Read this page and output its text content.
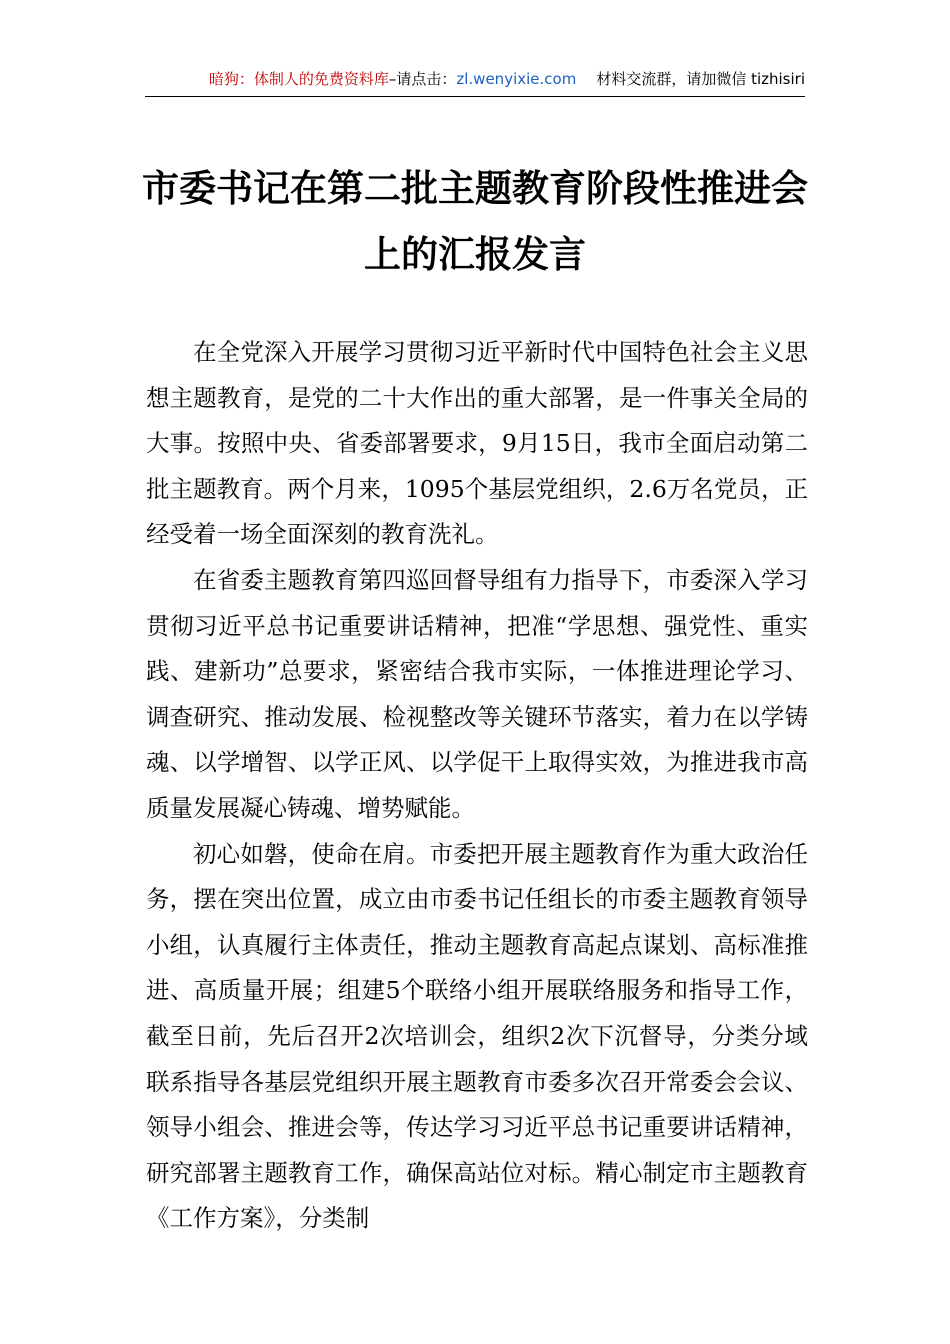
暗狗：体制人的免费资料库 –请点击： zl.wenyixie.com 材料交流群，请加微信 tizhisiri
市委书记在第二批主题教育阶段性推进会
上的汇报发言

在全党深入开展学习贯彻习近平新时代中国特色社会主义思想主题教育，是党的二十大作出的重大部署，是一件事关全局的大事。按照中央、省委部署要求，9月15日，我市全面启动第二批主题教育。两个月来，1095个基层党组织，2.6万名党员，正经受着一场全面深刻的教育洗礼。

在省委主题教育第四巡回督导组有力指导下，市委深入学习贯彻习近平总书记重要讲话精神，把准“学思想、强党性、重实践、建新功”总要求，紧密结合我市实际，一体推进理论学习、调查研究、推动发展、检视整改等关键环节落实，着力在以学铸魂、以学增智、以学正风、以学促干上取得实效，为推进我市高质量发展凝心铸魂、增势赋能。

初心如磐，使命在肩。市委把开展主题教育作为重大政治任务，摆在突出位置，成立由市委书记任组长的市委主题教育领导小组，认真履行主体责任，推动主题教育高起点谋划、高标准推进、高质量开展；组建5个联络小组开展联络服务和指导工作，截至日前，先后召开2次培训会，组织2次下沉督导，分类分域联系指导各基层党组织开展主题教育市委多次召开常委会会议、领导小组会、推进会等，传达学习习近平总书记重要讲话精神，研究部署主题教育工作，确保高站位对标。精心制定市主题教育《工作方案》，分类制
